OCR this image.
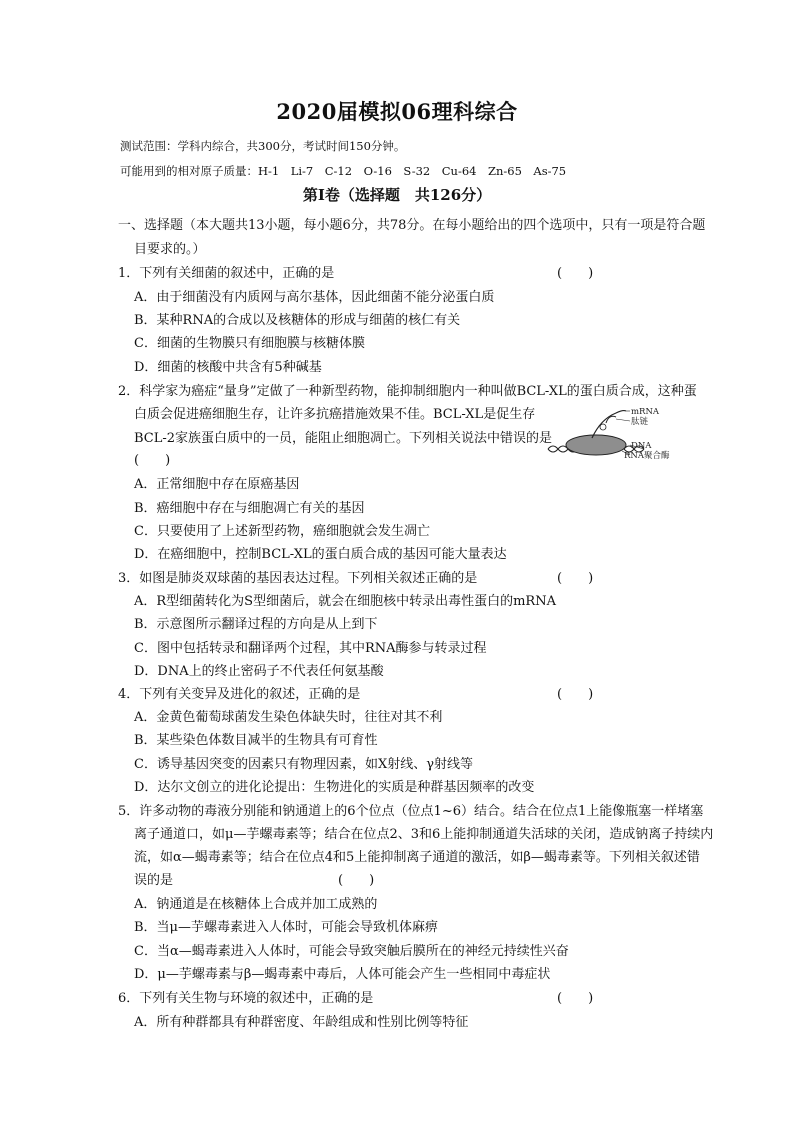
2020届模拟06理科综合
测试范围：学科内综合，共300分，考试时间150分钟。
可能用到的相对原子质量：H-1　Li-7　C-12　O-16　S-32　Cu-64　Zn-65　As-75
第Ⅰ卷（选择题　共126分）
一、选择题（本大题共13小题，每小题6分，共78分。在每小题给出的四个选项中，只有一项是符合题
目要求的。）
1．下列有关细菌的叙述中，正确的是	(　　)
A．由于细菌没有内质网与高尔基体，因此细菌不能分泌蛋白质
B．某种RNA的合成以及核糖体的形成与细菌的核仁有关
C．细菌的生物膜只有细胞膜与核糖体膜
D．细菌的核酸中共含有5种碱基
2．科学家为癌症“量身”定做了一种新型药物，能抑制细胞内一种叫做BCL-XL的蛋白质合成，这种蛋
白质会促进癌细胞生存，让许多抗癌措施效果不佳。BCL-XL是促生存
BCL-2家族蛋白质中的一员，能阻止细胞凋亡。下列相关说法中错误的是
(　　)
mRNA
肽链
DNA
RNA聚合酶
A．正常细胞中存在原癌基因
B．癌细胞中存在与细胞凋亡有关的基因
C．只要使用了上述新型药物，癌细胞就会发生凋亡
D．在癌细胞中，控制BCL-XL的蛋白质合成的基因可能大量表达
3．如图是肺炎双球菌的基因表达过程。下列相关叙述正确的是	(　　)
A．R型细菌转化为S型细菌后，就会在细胞核中转录出毒性蛋白的mRNA
B．示意图所示翻译过程的方向是从上到下
C．图中包括转录和翻译两个过程，其中RNA酶参与转录过程
D．DNA上的终止密码子不代表任何氨基酸
4．下列有关变异及进化的叙述，正确的是	(　　)
A．金黄色葡萄球菌发生染色体缺失时，往往对其不利
B．某些染色体数目减半的生物具有可育性
C．诱导基因突变的因素只有物理因素，如X射线、γ射线等
D．达尔文创立的进化论提出：生物进化的实质是种群基因频率的改变
5．许多动物的毒液分别能和钠通道上的6个位点（位点1~6）结合。结合在位点1上能像瓶塞一样堵塞
离子通道口，如μ—芋螺毒素等；结合在位点2、3和6上能抑制通道失活球的关闭，造成钠离子持续内
流，如α—蝎毒素等；结合在位点4和5上能抑制离子通道的激活，如β—蝎毒素等。下列相关叙述错
误的是	(　　)
A．钠通道是在核糖体上合成并加工成熟的
B．当μ—芋螺毒素进入人体时，可能会导致机体麻痹
C．当α—蝎毒素进入人体时，可能会导致突触后膜所在的神经元持续性兴奋
D．μ—芋螺毒素与β—蝎毒素中毒后，人体可能会产生一些相同中毒症状
6．下列有关生物与环境的叙述中，正确的是	(　　)
A．所有种群都具有种群密度、年龄组成和性别比例等特征
